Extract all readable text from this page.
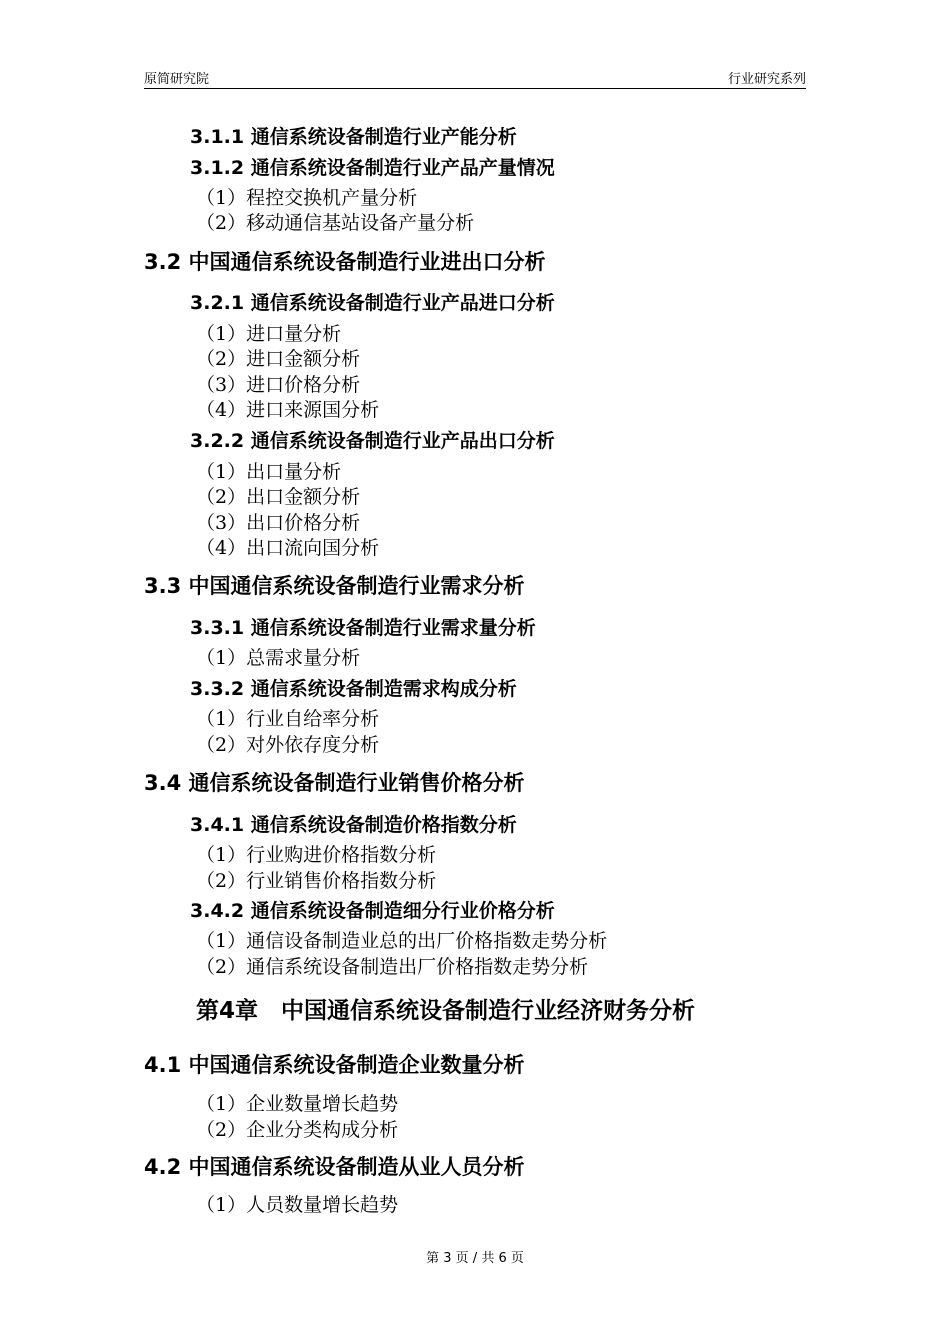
原简研究院	行业研究系列
3.1.1 通信系统设备制造行业产能分析
3.1.2 通信系统设备制造行业产品产量情况
（1）程控交换机产量分析
（2）移动通信基站设备产量分析
3.2 中国通信系统设备制造行业进出口分析
3.2.1 通信系统设备制造行业产品进口分析
（1）进口量分析
（2）进口金额分析
（3）进口价格分析
（4）进口来源国分析
3.2.2 通信系统设备制造行业产品出口分析
（1）出口量分析
（2）出口金额分析
（3）出口价格分析
（4）出口流向国分析
3.3 中国通信系统设备制造行业需求分析
3.3.1 通信系统设备制造行业需求量分析
（1）总需求量分析
3.3.2 通信系统设备制造需求构成分析
（1）行业自给率分析
（2）对外依存度分析
3.4 通信系统设备制造行业销售价格分析
3.4.1 通信系统设备制造价格指数分析
（1）行业购进价格指数分析
（2）行业销售价格指数分析
3.4.2 通信系统设备制造细分行业价格分析
（1）通信设备制造业总的出厂价格指数走势分析
（2）通信系统设备制造出厂价格指数走势分析
第4章　中国通信系统设备制造行业经济财务分析
4.1 中国通信系统设备制造企业数量分析
（1）企业数量增长趋势
（2）企业分类构成分析
4.2 中国通信系统设备制造从业人员分析
（1）人员数量增长趋势
第 3 页 / 共 6 页
